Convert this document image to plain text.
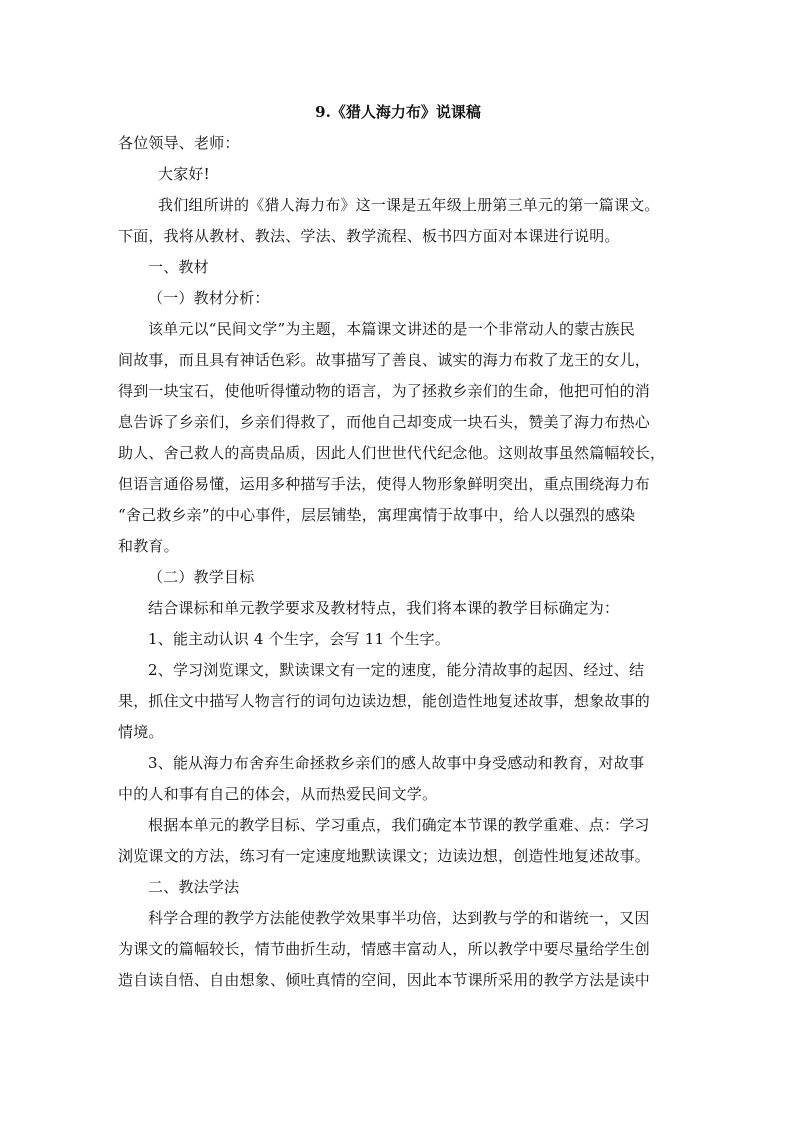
9.《猎人海力布》说课稿

各位领导、老师：

大家好!

我们组所讲的《猎人海力布》这一课是五年级上册第三单元的第一篇课文。

下面，我将从教材、教法、学法、教学流程、板书四方面对本课进行说明。

一、教材

（一）教材分析：

该单元以“民间文学”为主题，本篇课文讲述的是一个非常动人的蒙古族民

间故事，而且具有神话色彩。故事描写了善良、诚实的海力布救了龙王的女儿，

得到一块宝石，使他听得懂动物的语言，为了拯救乡亲们的生命，他把可怕的消

息告诉了乡亲们，乡亲们得救了，而他自己却变成一块石头，赞美了海力布热心

助人、舍己救人的高贵品质，因此人们世世代代纪念他。这则故事虽然篇幅较长，

但语言通俗易懂，运用多种描写手法，使得人物形象鲜明突出，重点围绕海力布

“舍己救乡亲”的中心事件，层层铺垫，寓理寓情于故事中，给人以强烈的感染

和教育。

（二）教学目标

结合课标和单元教学要求及教材特点，我们将本课的教学目标确定为：

1、能主动认识 4 个生字，会写 11 个生字。

2、学习浏览课文，默读课文有一定的速度，能分清故事的起因、经过、结

果，抓住文中描写人物言行的词句边读边想，能创造性地复述故事，想象故事的

情境。

3、能从海力布舍弃生命拯救乡亲们的感人故事中身受感动和教育，对故事

中的人和事有自己的体会，从而热爱民间文学。

根据本单元的教学目标、学习重点，我们确定本节课的教学重难、点：学习

浏览课文的方法，练习有一定速度地默读课文；边读边想，创造性地复述故事。

二、教法学法

科学合理的教学方法能使教学效果事半功倍，达到教与学的和谐统一，又因

为课文的篇幅较长，情节曲折生动，情感丰富动人，所以教学中要尽量给学生创

造自读自悟、自由想象、倾吐真情的空间，因此本节课所采用的教学方法是读中
